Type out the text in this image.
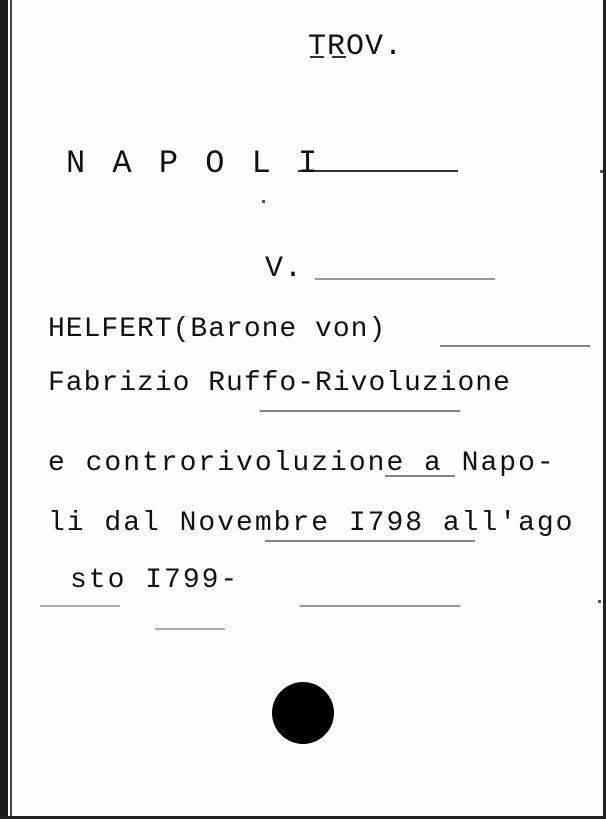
TROV.
N A P O L I
V.
HELFERT(Barone von)
Fabrizio Ruffo-Rivoluzione
e controrivoluzione a Napo-
li dal Novembre I798 all'ago
sto I799-
